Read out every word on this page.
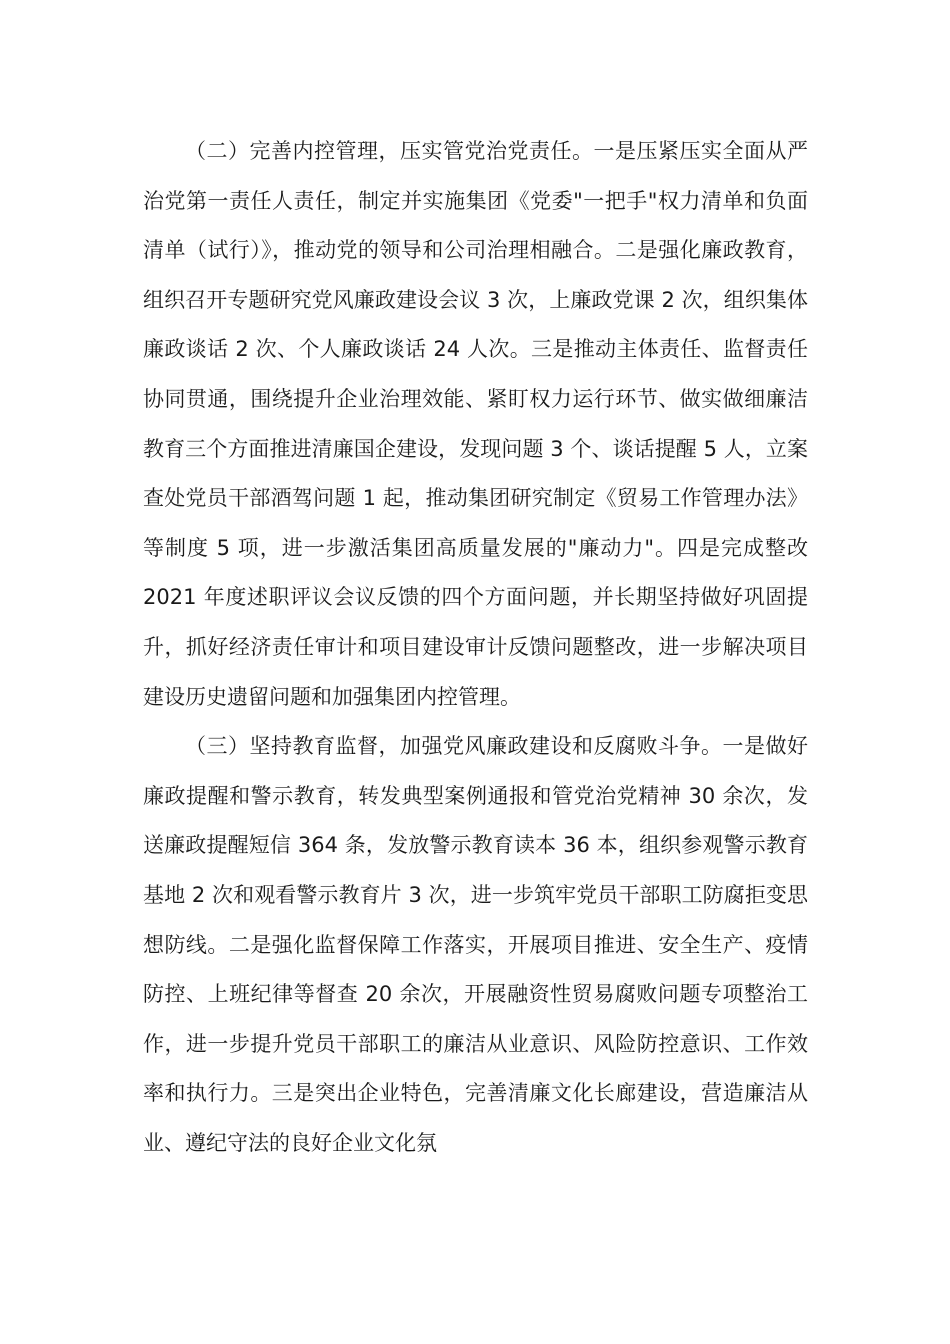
（二）完善内控管理，压实管党治党责任。一是压紧压实全面从严治党第一责任人责任，制定并实施集团《党委"一把手"权力清单和负面清单（试行）》，推动党的领导和公司治理相融合。二是强化廉政教育，组织召开专题研究党风廉政建设会议 3 次，上廉政党课 2 次，组织集体廉政谈话 2 次、个人廉政谈话 24 人次。三是推动主体责任、监督责任协同贯通，围绕提升企业治理效能、紧盯权力运行环节、做实做细廉洁教育三个方面推进清廉国企建设，发现问题 3 个、谈话提醒 5 人，立案查处党员干部酒驾问题 1 起，推动集团研究制定《贸易工作管理办法》等制度 5 项，进一步激活集团高质量发展的"廉动力"。四是完成整改 2021 年度述职评议会议反馈的四个方面问题，并长期坚持做好巩固提升，抓好经济责任审计和项目建设审计反馈问题整改，进一步解决项目建设历史遗留问题和加强集团内控管理。

（三）坚持教育监督，加强党风廉政建设和反腐败斗争。一是做好廉政提醒和警示教育，转发典型案例通报和管党治党精神 30 余次，发送廉政提醒短信 364 条，发放警示教育读本 36 本，组织参观警示教育基地 2 次和观看警示教育片 3 次，进一步筑牢党员干部职工防腐拒变思想防线。二是强化监督保障工作落实，开展项目推进、安全生产、疫情防控、上班纪律等督查 20 余次，开展融资性贸易腐败问题专项整治工作，进一步提升党员干部职工的廉洁从业意识、风险防控意识、工作效率和执行力。三是突出企业特色，完善清廉文化长廊建设，营造廉洁从业、遵纪守法的良好企业文化氛
